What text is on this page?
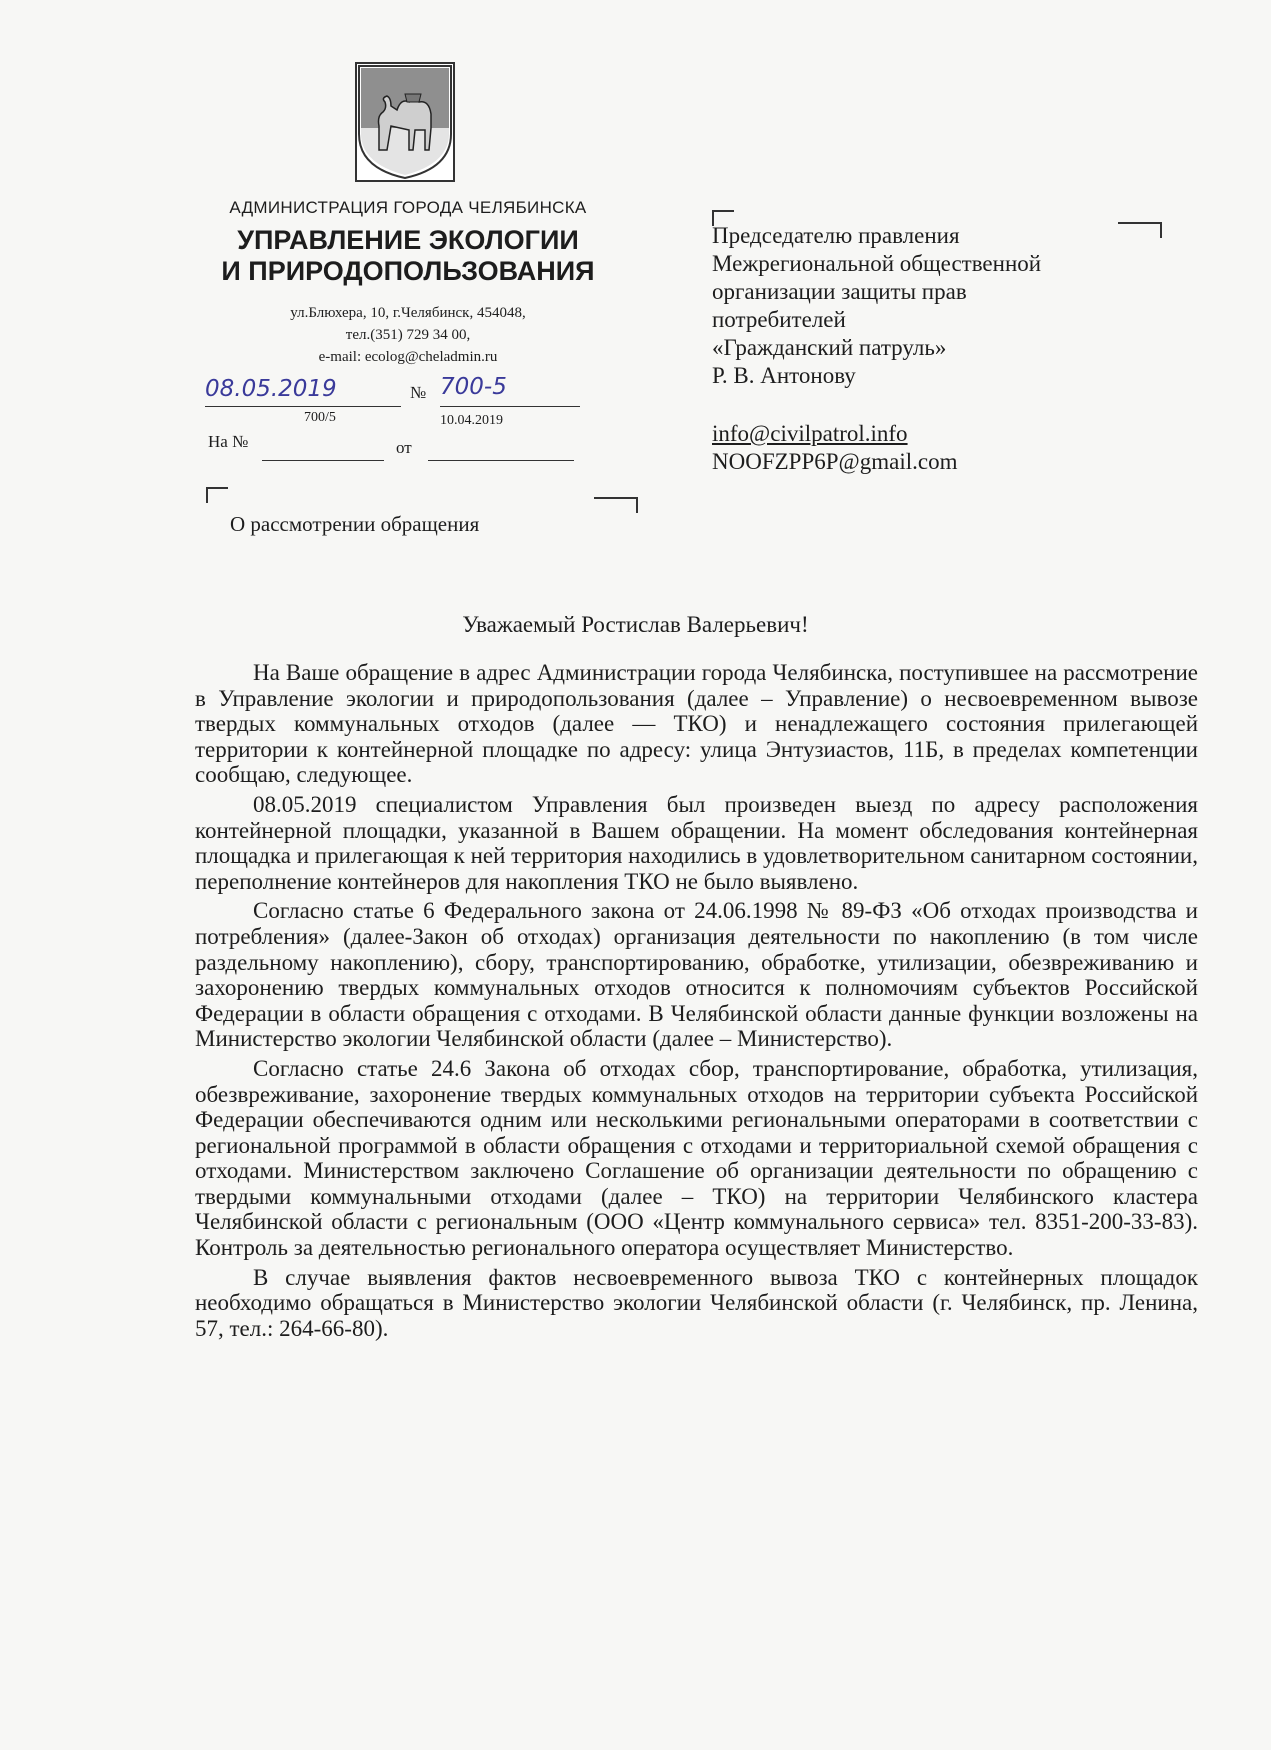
АДМИНИСТРАЦИЯ ГОРОДА ЧЕЛЯБИНСКА
УПРАВЛЕНИЕ ЭКОЛОГИИ
И ПРИРОДОПОЛЬЗОВАНИЯ
ул.Блюхера, 10, г.Челябинск, 454048,
тел.(351) 729 34 00,
e-mail: ecolog@cheladmin.ru
08.05.2019	№ 700-5
700/5	10.04.2019
На №	от
О рассмотрении обращения
Председателю правления
Межрегиональной общественной
организации защиты прав
потребителей
«Гражданский патруль»
Р. В. Антонову
info@civilpatrol.info
NOOFZPP6P@gmail.com
Уважаемый Ростислав Валерьевич!

На Ваше обращение в адрес Администрации города Челябинска, поступившее на рассмотрение в Управление экологии и природопользования (далее – Управление) о несвоевременном вывозе твердых коммунальных отходов (далее — ТКО) и ненадлежащего состояния прилегающей территории к контейнерной площадке по адресу: улица Энтузиастов, 11Б, в пределах компетенции сообщаю, следующее.

08.05.2019 специалистом Управления был произведен выезд по адресу расположения контейнерной площадки, указанной в Вашем обращении. На момент обследования контейнерная площадка и прилегающая к ней территория находились в удовлетворительном санитарном состоянии, переполнение контейнеров для накопления ТКО не было выявлено.

Согласно статье 6 Федерального закона от 24.06.1998 № 89-ФЗ «Об отходах производства и потребления» (далее-Закон об отходах) организация деятельности по накоплению (в том числе раздельному накоплению), сбору, транспортированию, обработке, утилизации, обезвреживанию и захоронению твердых коммунальных отходов относится к полномочиям субъектов Российской Федерации в области обращения с отходами. В Челябинской области данные функции возложены на Министерство экологии Челябинской области (далее – Министерство).

Согласно статье 24.6 Закона об отходах сбор, транспортирование, обработка, утилизация, обезвреживание, захоронение твердых коммунальных отходов на территории субъекта Российской Федерации обеспечиваются одним или несколькими региональными операторами в соответствии с региональной программой в области обращения с отходами и территориальной схемой обращения с отходами. Министерством заключено Соглашение об организации деятельности по обращению с твердыми коммунальными отходами (далее – ТКО) на территории Челябинского кластера Челябинской области с региональным (ООО «Центр коммунального сервиса» тел. 8351-200-33-83). Контроль за деятельностью регионального оператора осуществляет Министерство.

В случае выявления фактов несвоевременного вывоза ТКО с контейнерных площадок необходимо обращаться в Министерство экологии Челябинской области (г. Челябинск, пр. Ленина, 57, тел.: 264-66-80).
